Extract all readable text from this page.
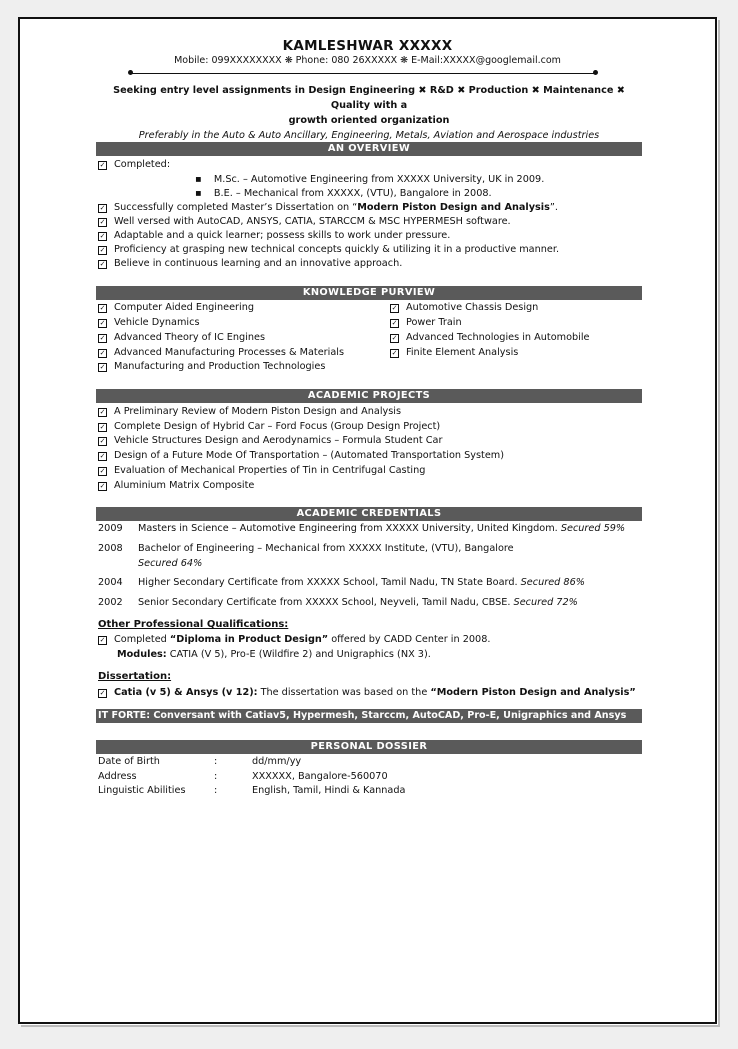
KAMLESHWAR XXXXX
Mobile: 099XXXXXXXX ❋ Phone: 080 26XXXXX ❋ E-Mail:XXXXX@googlemail.com
Seeking entry level assignments in Design Engineering ✖ R&D ✖ Production ✖ Maintenance ✖ Quality with a
growth oriented organization
Preferably in the Auto & Auto Ancillary, Engineering, Metals, Aviation and Aerospace industries
AN OVERVIEW
✓ Completed:
▪    M.Sc. – Automotive Engineering from XXXXX University, UK in 2009.
▪    B.E. – Mechanical from XXXXX, (VTU), Bangalore in 2008.
✓ Successfully completed Master’s Dissertation on “Modern Piston Design and Analysis”.
✓ Well versed with AutoCAD, ANSYS, CATIA, STARCCM & MSC HYPERMESH software.
✓ Adaptable and a quick learner; possess skills to work under pressure.
✓ Proficiency at grasping new technical concepts quickly & utilizing it in a productive manner.
✓ Believe in continuous learning and an innovative approach.
KNOWLEDGE PURVIEW
✓ Computer Aided Engineering
✓ Vehicle Dynamics
✓ Advanced Theory of IC Engines
✓ Advanced Manufacturing Processes & Materials
✓ Manufacturing and Production Technologies
✓ Automotive Chassis Design
✓ Power Train
✓ Advanced Technologies in Automobile
✓ Finite Element Analysis
ACADEMIC PROJECTS
✓ A Preliminary Review of Modern Piston Design and Analysis
✓ Complete Design of Hybrid Car – Ford Focus (Group Design Project)
✓ Vehicle Structures Design and Aerodynamics – Formula Student Car
✓ Design of a Future Mode Of Transportation – (Automated Transportation System)
✓ Evaluation of Mechanical Properties of Tin in Centrifugal Casting
✓ Aluminium Matrix Composite
ACADEMIC CREDENTIALS
2009 Masters in Science – Automotive Engineering from XXXXX University, United Kingdom. Secured 59%
2008 Bachelor of Engineering – Mechanical from XXXXX Institute, (VTU), Bangalore
Secured 64%
2004 Higher Secondary Certificate from XXXXX School, Tamil Nadu, TN State Board. Secured 86%
2002 Senior Secondary Certificate from XXXXX School, Neyveli, Tamil Nadu, CBSE. Secured 72%
Other Professional Qualifications:
✓ Completed “Diploma in Product Design” offered by CADD Center in 2008.
Modules: CATIA (V 5), Pro-E (Wildfire 2) and Unigraphics (NX 3).
Dissertation:
✓ Catia (v 5) & Ansys (v 12): The dissertation was based on the “Modern Piston Design and Analysis”
IT FORTE: Conversant with Catiav5, Hypermesh, Starccm, AutoCAD, Pro-E, Unigraphics and Ansys
PERSONAL DOSSIER
Date of Birth	:	dd/mm/yy
Address	:	XXXXXX, Bangalore-560070
Linguistic Abilities	:	English, Tamil, Hindi & Kannada
